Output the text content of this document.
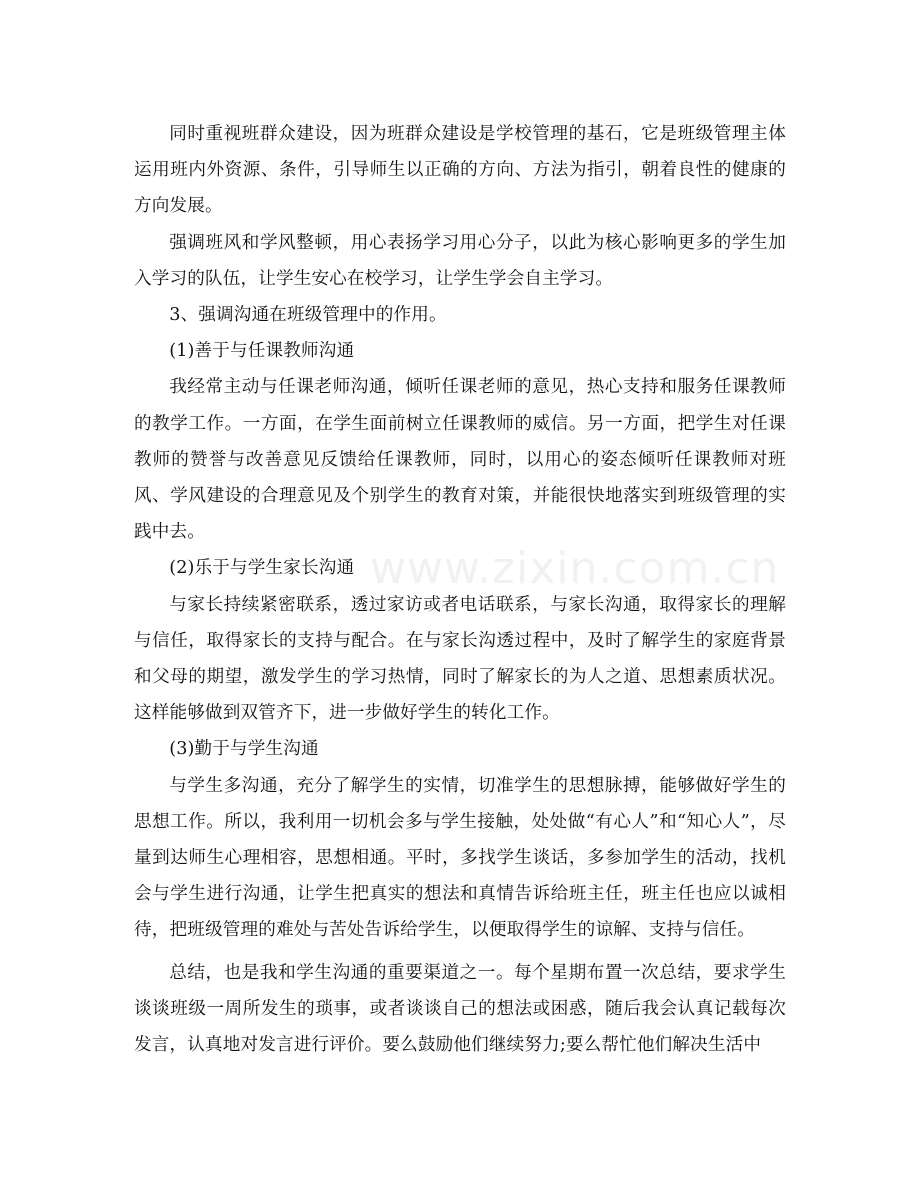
同时重视班群众建设，因为班群众建设是学校管理的基石，它是班级管理主体运用班内外资源、条件，引导师生以正确的方向、方法为指引，朝着良性的健康的方向发展。

强调班风和学风整顿，用心表扬学习用心分子，以此为核心影响更多的学生加入学习的队伍，让学生安心在校学习，让学生学会自主学习。

3、强调沟通在班级管理中的作用。

(1)善于与任课教师沟通

我经常主动与任课老师沟通，倾听任课老师的意见，热心支持和服务任课教师的教学工作。一方面，在学生面前树立任课教师的威信。另一方面，把学生对任课教师的赞誉与改善意见反馈给任课教师，同时，以用心的姿态倾听任课教师对班风、学风建设的合理意见及个别学生的教育对策，并能很快地落实到班级管理的实践中去。

(2)乐于与学生家长沟通

与家长持续紧密联系，透过家访或者电话联系，与家长沟通，取得家长的理解与信任，取得家长的支持与配合。在与家长沟透过程中，及时了解学生的家庭背景和父母的期望，激发学生的学习热情，同时了解家长的为人之道、思想素质状况。这样能够做到双管齐下，进一步做好学生的转化工作。

(3)勤于与学生沟通

与学生多沟通，充分了解学生的实情，切准学生的思想脉搏，能够做好学生的思想工作。所以，我利用一切机会多与学生接触，处处做“有心人”和“知心人”，尽量到达师生心理相容，思想相通。平时，多找学生谈话，多参加学生的活动，找机会与学生进行沟通，让学生把真实的想法和真情告诉给班主任，班主任也应以诚相待，把班级管理的难处与苦处告诉给学生，以便取得学生的谅解、支持与信任。

总结，也是我和学生沟通的重要渠道之一。每个星期布置一次总结，要求学生谈谈班级一周所发生的琐事，或者谈谈自己的想法或困惑，随后我会认真记载每次发言，认真地对发言进行评价。要么鼓励他们继续努力;要么帮忙他们解决生活中

www.zixin.com.cn
